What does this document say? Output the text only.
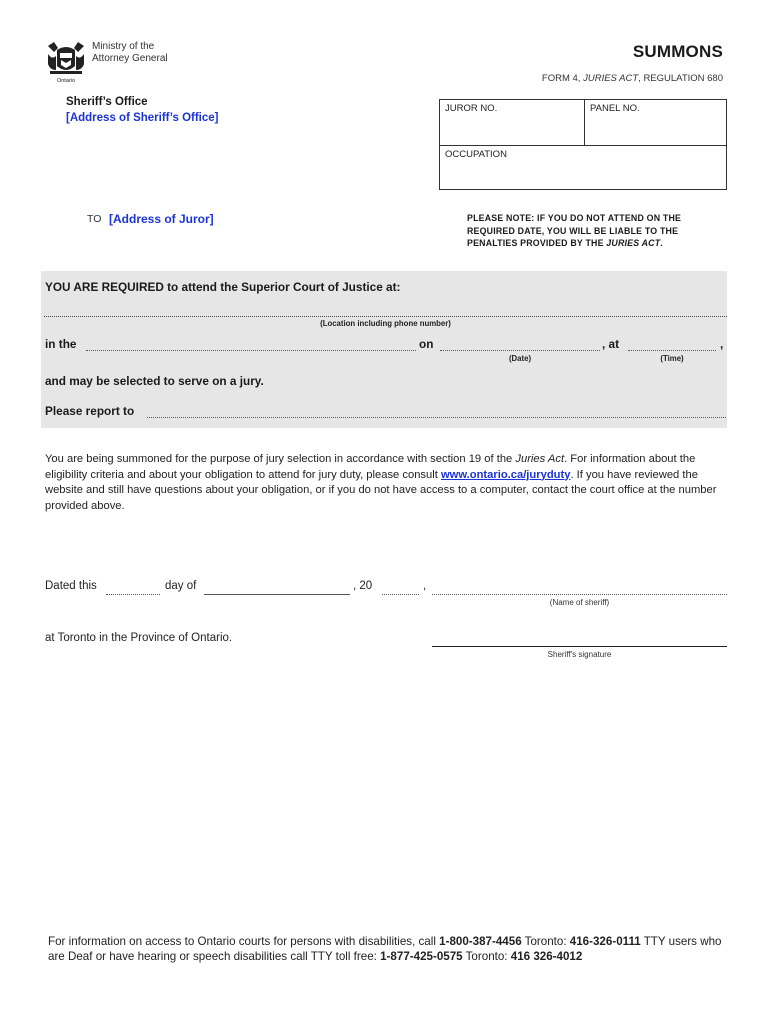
Ontario
Ministry of the
Attorney General	SUMMONS
FORM 4, JURIES ACT, REGULATION 680
Sheriff’s Office
[Address of Sheriff’s Office]
JUROR NO.	PANEL NO.
OCCUPATION
TO [Address of Juror]	PLEASE NOTE: IF YOU DO NOT ATTEND ON THE REQUIRED DATE, YOU WILL BE LIABLE TO THE PENALTIES PROVIDED BY THE JURIES ACT.
YOU ARE REQUIRED to attend the Superior Court of Justice at:
(Location including phone number)
in the	on	, at	,
(Date)	(Time)
and may be selected to serve on a jury.
Please report to
You are being summoned for the purpose of jury selection in accordance with section 19 of the Juries Act. For information about the eligibility criteria and about your obligation to attend for jury duty, please consult www.ontario.ca/juryduty. If you have reviewed the website and still have questions about your obligation, or if you do not have access to a computer, contact the court office at the number provided above.
Dated this	day of	, 20	,
(Name of sheriff)
at Toronto in the Province of Ontario.
Sheriff's signature
For information on access to Ontario courts for persons with disabilities, call 1-800-387-4456 Toronto: 416-326-0111 TTY users who are Deaf or have hearing or speech disabilities call TTY toll free: 1-877-425-0575 Toronto: 416 326-4012
